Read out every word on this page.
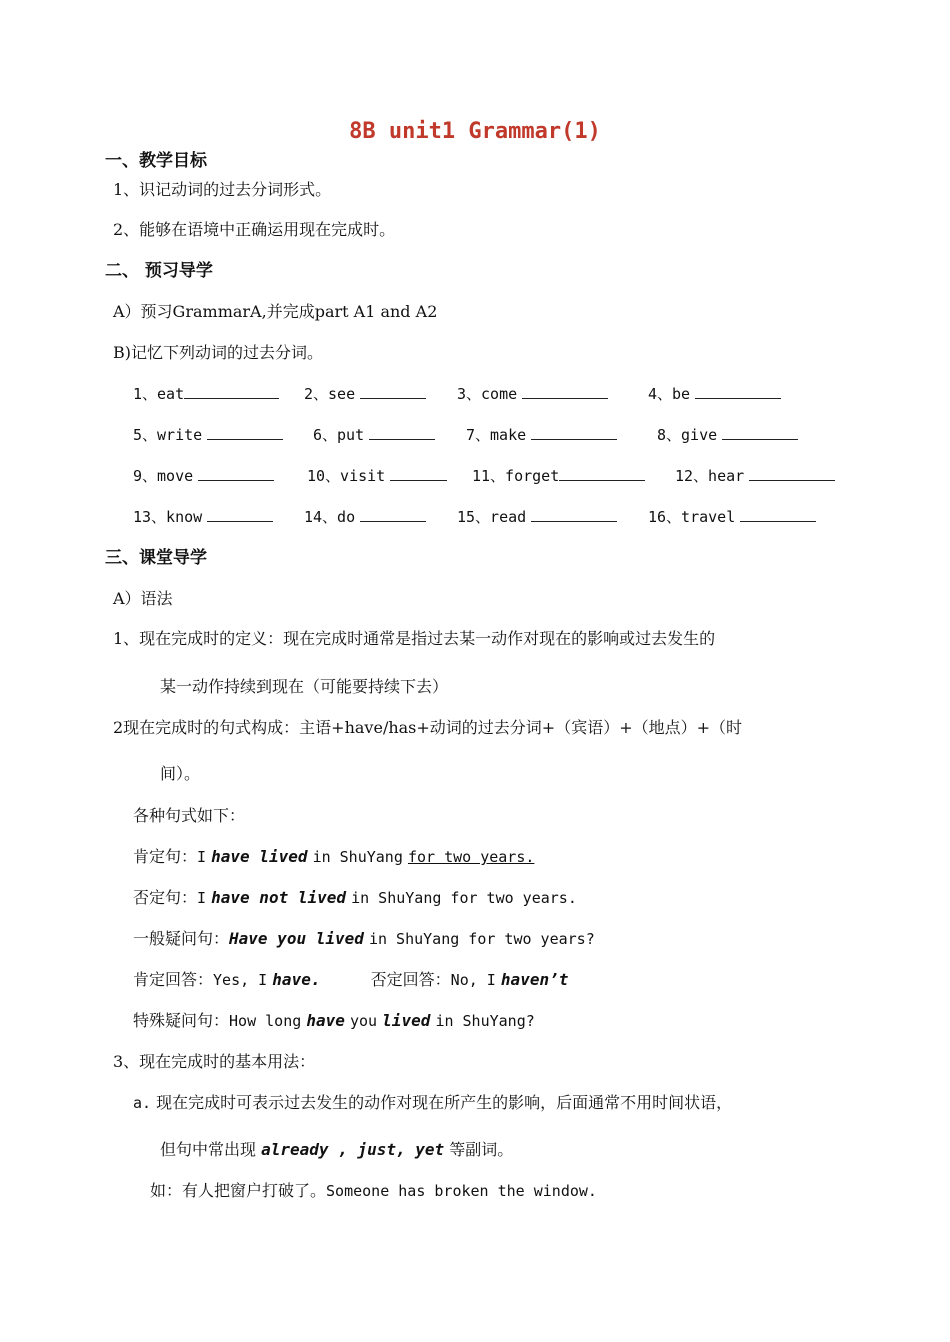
8B unit1 Grammar(1)
一、教学目标
1、识记动词的过去分词形式。
2、能够在语境中正确运用现在完成时。
二、 预习导学
A）预习GrammarA,并完成part A1 and A2
B)记忆下列动词的过去分词。
1、eat	2、see	3、come	4、be
5、write	6、put	7、make	8、give
9、move	10、visit	11、forget	12、hear
13、know	14、do	15、read	16、travel
三、课堂导学
A）语法
1、现在完成时的定义：现在完成时通常是指过去某一动作对现在的影响或过去发生的
某一动作持续到现在（可能要持续下去）
2现在完成时的句式构成：主语+have/has+动词的过去分词+（宾语）+（地点）+（时
间）。
各种句式如下：
肯定句：I have lived in ShuYang for two years.
否定句：I have not lived in ShuYang for two years.
一般疑问句：Have you lived in ShuYang for two years?
肯定回答：Yes, I have.	否定回答：No, I haven’t
特殊疑问句：How long have you lived in ShuYang?
3、现在完成时的基本用法：
a. 现在完成时可表示过去发生的动作对现在所产生的影响，后面通常不用时间状语，
但句中常出现 already , just, yet 等副词。
如：有人把窗户打破了。Someone has broken the window.
